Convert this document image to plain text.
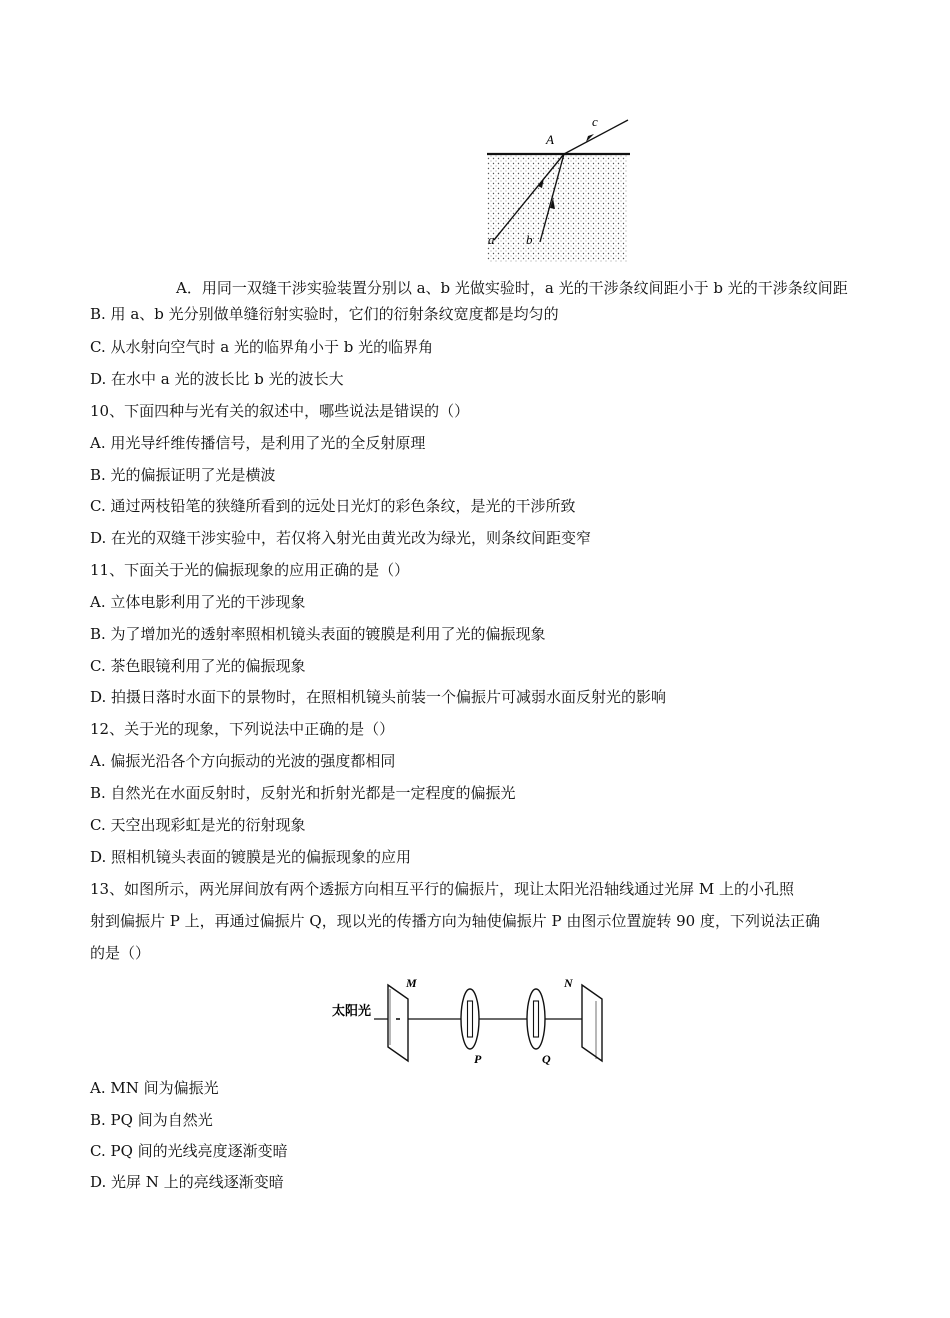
A
c
a b
A．用同一双缝干涉实验装置分别以 a、b 光做实验时，a 光的干涉条纹间距小于 b 光的干涉条纹间距
B. 用 a、b 光分别做单缝衍射实验时，它们的衍射条纹宽度都是均匀的
C. 从水射向空气时 a 光的临界角小于 b 光的临界角
D. 在水中 a 光的波长比 b 光的波长大
10、下面四种与光有关的叙述中，哪些说法是错误的（）
A. 用光导纤维传播信号，是利用了光的全反射原理
B. 光的偏振证明了光是横波
C. 通过两枝铅笔的狭缝所看到的远处日光灯的彩色条纹，是光的干涉所致
D. 在光的双缝干涉实验中，若仅将入射光由黄光改为绿光，则条纹间距变窄
11、下面关于光的偏振现象的应用正确的是（）
A. 立体电影利用了光的干涉现象
B. 为了增加光的透射率照相机镜头表面的镀膜是利用了光的偏振现象
C. 茶色眼镜利用了光的偏振现象
D. 拍摄日落时水面下的景物时，在照相机镜头前装一个偏振片可减弱水面反射光的影响
12、关于光的现象，下列说法中正确的是（）
A. 偏振光沿各个方向振动的光波的强度都相同
B. 自然光在水面反射时，反射光和折射光都是一定程度的偏振光
C. 天空出现彩虹是光的衍射现象
D. 照相机镜头表面的镀膜是光的偏振现象的应用
13、如图所示，两光屏间放有两个透振方向相互平行的偏振片，现让太阳光沿轴线通过光屏 M 上的小孔照
射到偏振片 P 上，再通过偏振片 Q，现以光的传播方向为轴使偏振片 P 由图示位置旋转 90 度，下列说法正确
的是（）
太阳光
M	N
P	Q
A. MN 间为偏振光
B. PQ 间为自然光
C. PQ 间的光线亮度逐渐变暗
D. 光屏 N 上的亮线逐渐变暗
